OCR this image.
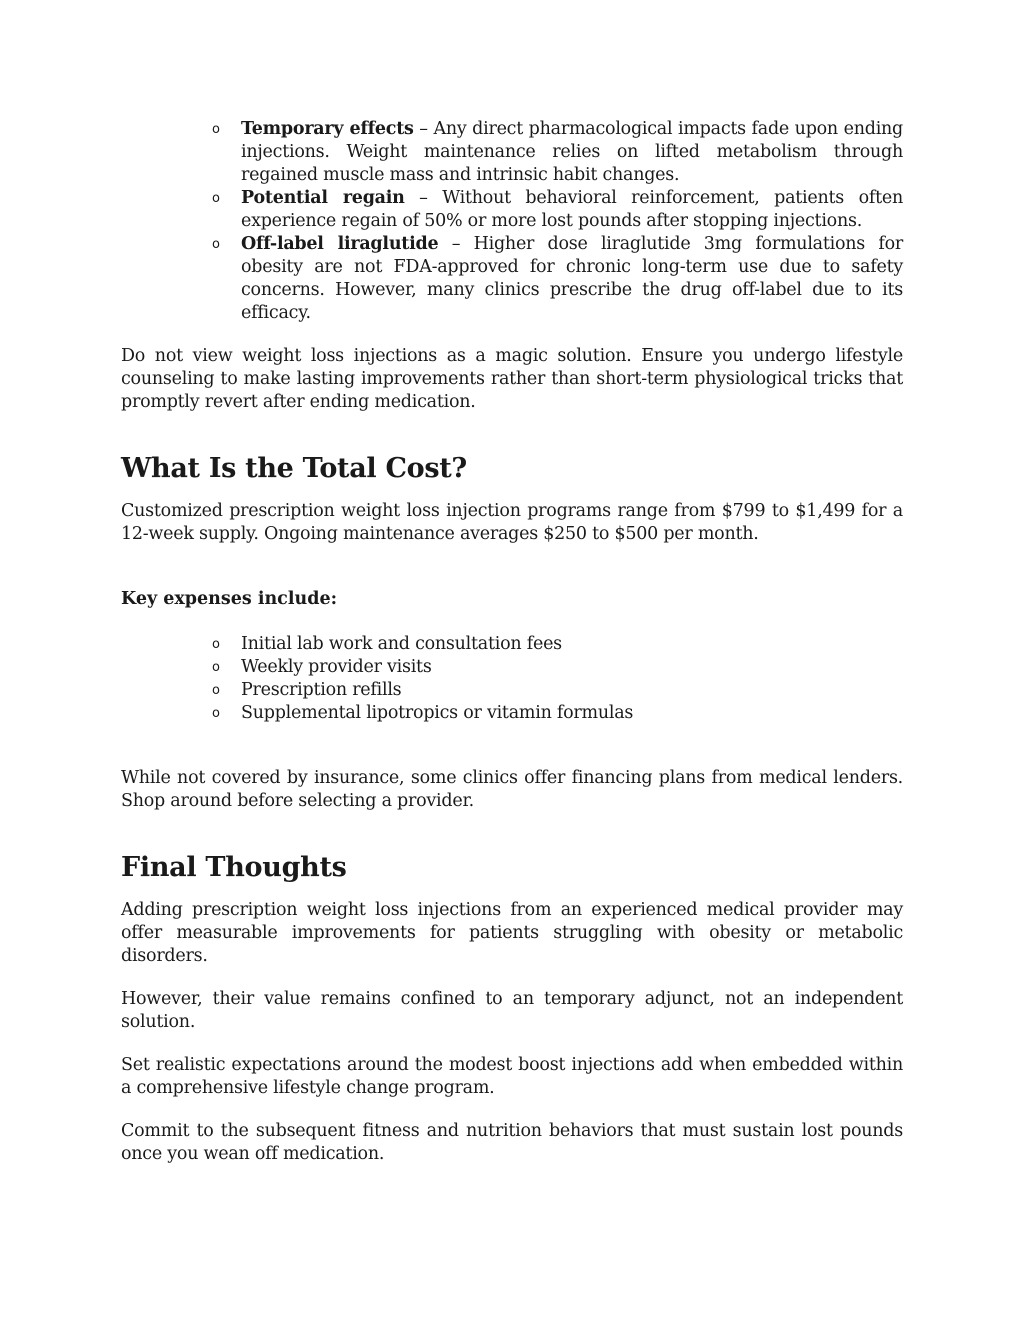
o Temporary effects – Any direct pharmacological impacts fade upon ending injections. Weight maintenance relies on lifted metabolism through regained muscle mass and intrinsic habit changes.
o Potential regain – Without behavioral reinforcement, patients often experience regain of 50% or more lost pounds after stopping injections.
o Off-label liraglutide – Higher dose liraglutide 3mg formulations for obesity are not FDA-approved for chronic long-term use due to safety concerns. However, many clinics prescribe the drug off-label due to its efficacy.

Do not view weight loss injections as a magic solution. Ensure you undergo lifestyle counseling to make lasting improvements rather than short-term physiological tricks that promptly revert after ending medication.

What Is the Total Cost?

Customized prescription weight loss injection programs range from $799 to $1,499 for a 12-week supply. Ongoing maintenance averages $250 to $500 per month.

Key expenses include:

o Initial lab work and consultation fees
o Weekly provider visits
o Prescription refills
o Supplemental lipotropics or vitamin formulas

While not covered by insurance, some clinics offer financing plans from medical lenders. Shop around before selecting a provider.

Final Thoughts

Adding prescription weight loss injections from an experienced medical provider may offer measurable improvements for patients struggling with obesity or metabolic disorders.

However, their value remains confined to an temporary adjunct, not an independent solution.

Set realistic expectations around the modest boost injections add when embedded within a comprehensive lifestyle change program.

Commit to the subsequent fitness and nutrition behaviors that must sustain lost pounds once you wean off medication.
